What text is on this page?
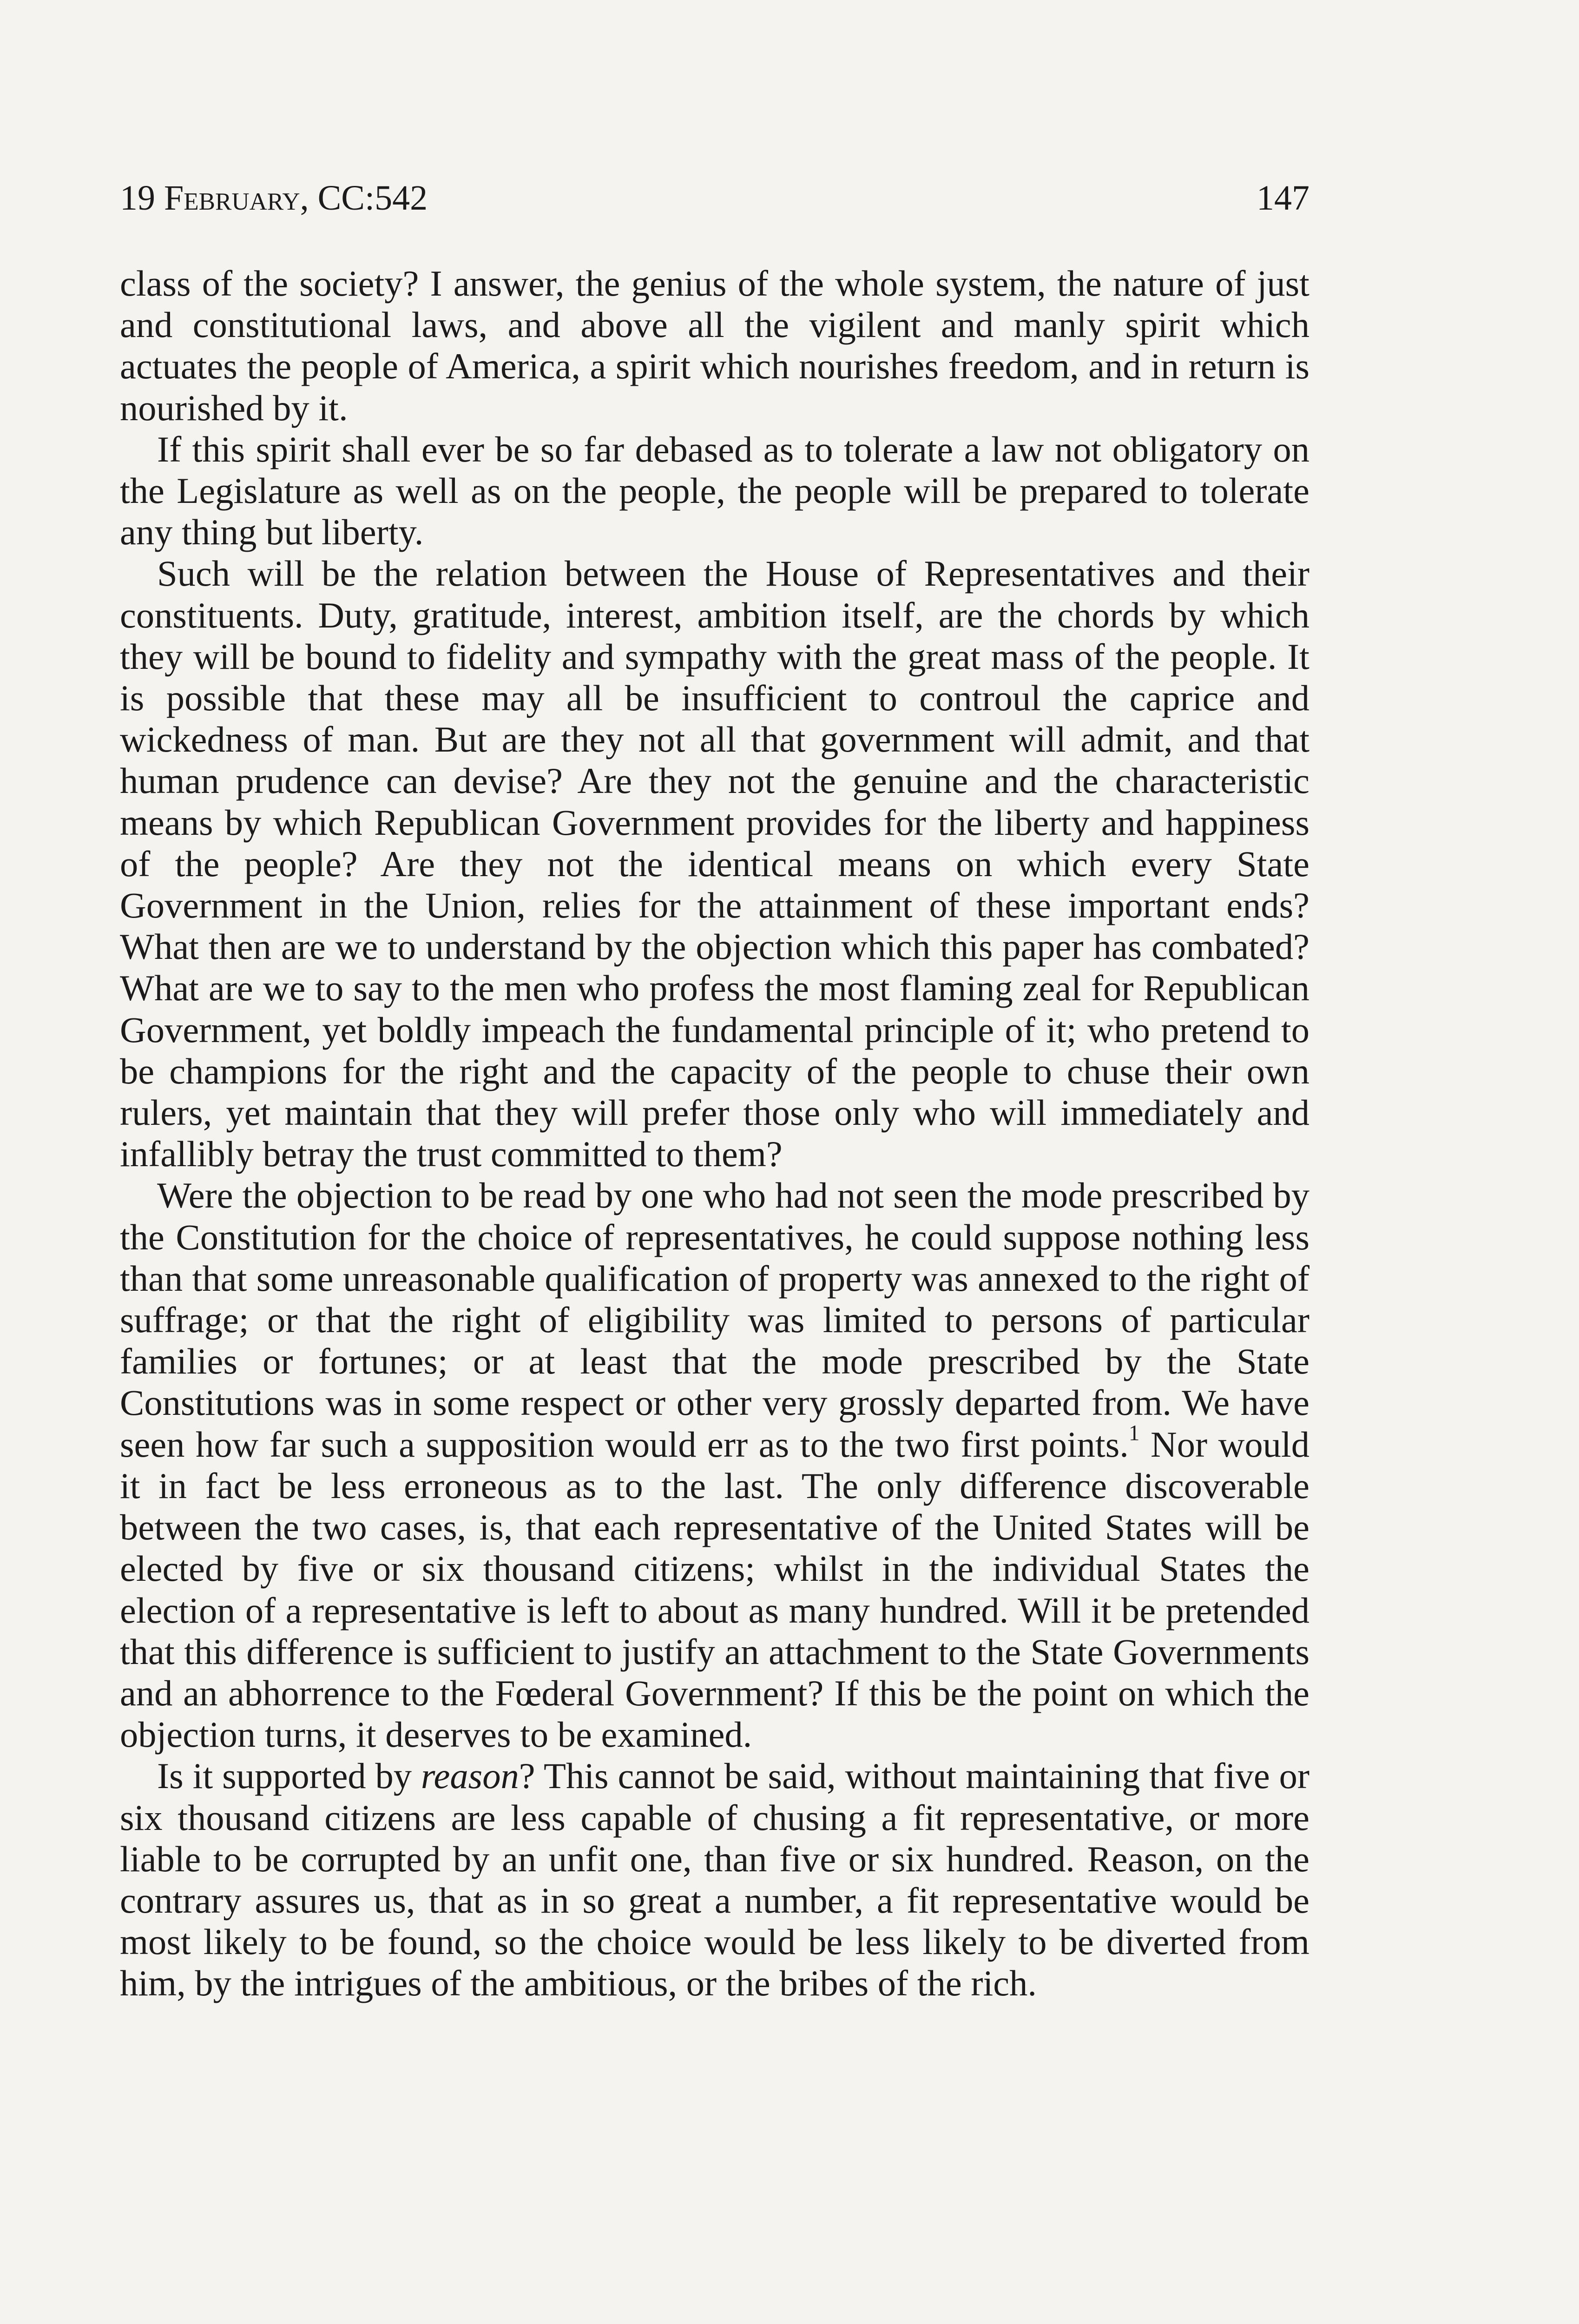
19 February, CC:542	147

class of the society? I answer, the genius of the whole system, the nature of just and constitutional laws, and above all the vigilent and manly spirit which actuates the people of America, a spirit which nourishes freedom, and in return is nourished by it.

If this spirit shall ever be so far debased as to tolerate a law not obligatory on the Legislature as well as on the people, the people will be prepared to tolerate any thing but liberty.

Such will be the relation between the House of Representatives and their constituents. Duty, gratitude, interest, ambition itself, are the chords by which they will be bound to fidelity and sympathy with the great mass of the people. It is possible that these may all be insufficient to controul the caprice and wickedness of man. But are they not all that government will admit, and that human prudence can devise? Are they not the genuine and the characteristic means by which Republican Government provides for the liberty and happiness of the people? Are they not the identical means on which every State Government in the Union, relies for the attainment of these important ends? What then are we to understand by the objection which this paper has combated? What are we to say to the men who profess the most flaming zeal for Republican Government, yet boldly impeach the fundamental principle of it; who pretend to be champions for the right and the capacity of the people to chuse their own rulers, yet maintain that they will prefer those only who will immediately and infallibly betray the trust committed to them?

Were the objection to be read by one who had not seen the mode prescribed by the Constitution for the choice of representatives, he could suppose nothing less than that some unreasonable qualification of property was annexed to the right of suffrage; or that the right of eligibility was limited to persons of particular families or fortunes; or at least that the mode prescribed by the State Constitutions was in some respect or other very grossly departed from. We have seen how far such a supposition would err as to the two first points.$^1$ Nor would it in fact be less erroneous as to the last. The only difference discoverable between the two cases, is, that each representative of the United States will be elected by five or six thousand citizens; whilst in the individual States the election of a representative is left to about as many hundred. Will it be pretended that this difference is sufficient to justify an attachment to the State Governments and an abhorrence to the Fœderal Government? If this be the point on which the objection turns, it deserves to be examined.

Is it supported by reason? This cannot be said, without maintaining that five or six thousand citizens are less capable of chusing a fit representative, or more liable to be corrupted by an unfit one, than five or six hundred. Reason, on the contrary assures us, that as in so great a number, a fit representative would be most likely to be found, so the choice would be less likely to be diverted from him, by the intrigues of the ambitious, or the bribes of the rich.
